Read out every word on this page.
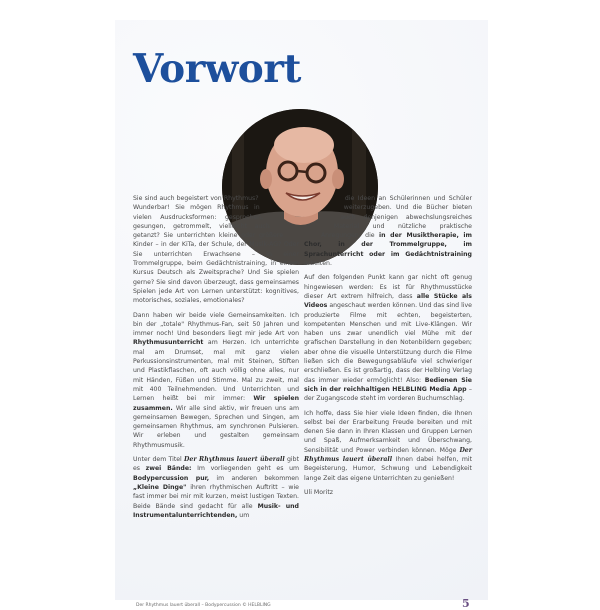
Vorwort

Sie sind auch begeistert von Rhythmus? Wunderbar! Sie mögen Rhythmus in vielen Ausdrucksformen: gesprochen, gesungen, getrommelt, vielleicht auch getanzt? Sie unterrichten kleine oder größere Kinder – in der KiTa, der Schule, der Musik-AG? Oder Sie unterrichten Erwachsene – in einer Trommelgruppe, beim Gedächtnistraining, in einem Kursus Deutsch als Zweitsprache? Und Sie spielen gerne? Sie sind davon überzeugt, dass gemeinsames Spielen jede Art von Lernen unterstützt: kognitives, motorisches, soziales, emotionales?

Dann haben wir beide viele Gemeinsamkeiten. Ich bin der „totale" Rhythmus-Fan, seit 50 Jahren und immer noch! Und besonders liegt mir jede Art von Rhythmusunterricht am Herzen. Ich unterrichte mal am Drumset, mal mit ganz vielen Perkussionsinstrumenten, mal mit Steinen, Stiften und Plastikflaschen, oft auch völlig ohne alles, nur mit Händen, Füßen und Stimme. Mal zu zweit, mal mit 400 Teilnehmenden. Und Unterrichten und Lernen heißt bei mir immer: Wir spielen zusammen. Wir alle sind aktiv, wir freuen uns am gemeinsamen Bewegen, Sprechen und Singen, am gemeinsamen Rhythmus, am synchronen Pulsieren. Wir erleben und gestalten gemeinsam Rhythmusmusik.

Unter dem Titel Der Rhythmus lauert überall gibt es zwei Bände: Im vorliegenden geht es um Bodypercussion pur, im anderen bekommen „Kleine Dinge" ihren rhythmischen Auftritt – wie fast immer bei mir mit kurzen, meist lustigen Texten. Beide Bände sind gedacht für alle Musik- und Instrumentalunterrichtenden, um

die Ideen an Schülerinnen und Schüler weiterzugeben. Und die Bücher bieten auch denjenigen abwechslungsreiches Material und nützliche praktische Anregungen, die in der Musiktherapie, im Chor, in der Trommelgruppe, im Sprachunterricht oder im Gedächtnistraining arbeiten.

Auf den folgenden Punkt kann gar nicht oft genug hingewiesen werden: Es ist für Rhythmusstücke dieser Art extrem hilfreich, dass alle Stücke als Videos angeschaut werden können. Und das sind live produzierte Filme mit echten, begeisterten, kompetenten Menschen und mit Live-Klängen. Wir haben uns zwar unendlich viel Mühe mit der grafischen Darstellung in den Notenbildern gegeben; aber ohne die visuelle Unterstützung durch die Filme ließen sich die Bewegungsabläufe viel schwieriger erschließen. Es ist großartig, dass der Helbling Verlag das immer wieder ermöglicht! Also: Bedienen Sie sich in der reichhaltigen HELBLING Media App – der Zugangscode steht im vorderen Buchumschlag.

Ich hoffe, dass Sie hier viele Ideen finden, die Ihnen selbst bei der Erarbeitung Freude bereiten und mit denen Sie dann in Ihren Klassen und Gruppen Lernen und Spaß, Aufmerksamkeit und Überschwang, Sensibilität und Power verbinden können. Möge Der Rhythmus lauert überall Ihnen dabei helfen, mit Begeisterung, Humor, Schwung und Lebendigkeit lange Zeit das eigene Unterrichten zu genießen!

Uli Moritz

Der Rhythmus lauert überall – Bodypercussion © HELBLING	5
